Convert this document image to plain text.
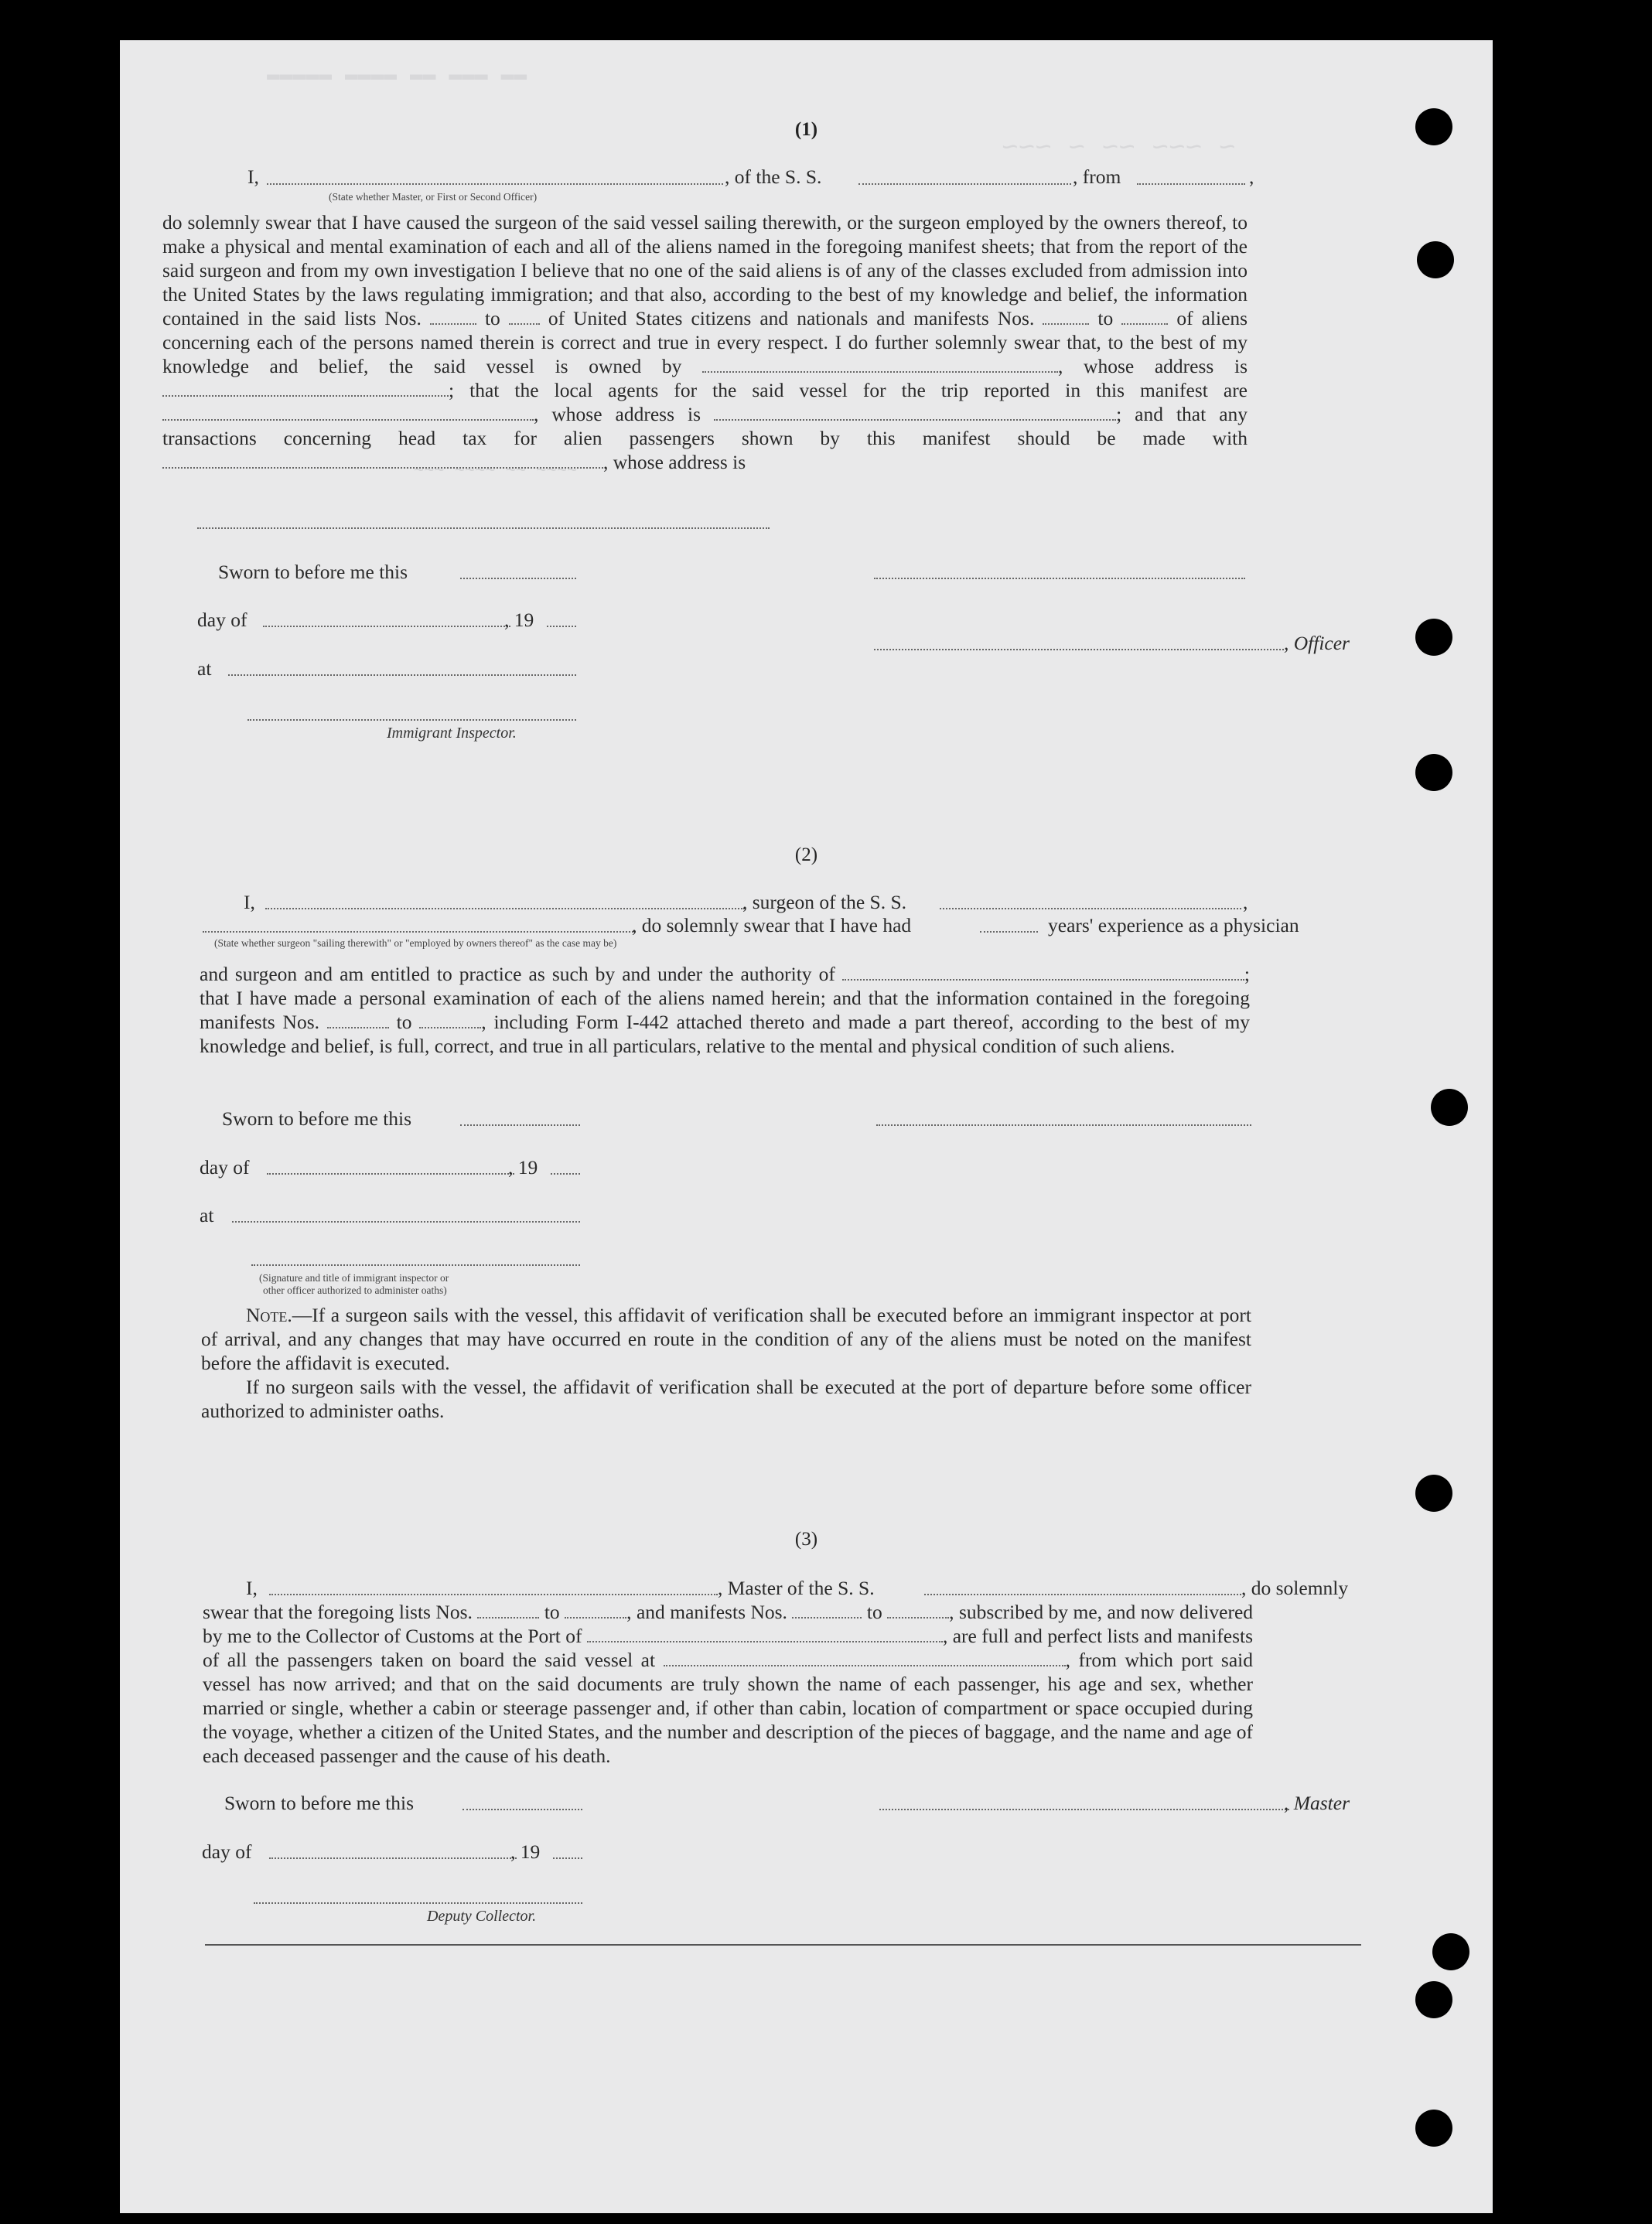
▬▬ ▬▬▬ ▬▬ ▬▬▬▬ ▬▬▬▬▬
~ ~~~ ~~ ~ ~~~
~~~ ~~~~ ~~ ~~~~
(1)
I,	, of the S. S.	, from	,
(State whether Master, or First or Second Officer)
do solemnly swear that I have caused the surgeon of the said vessel sailing therewith, or the surgeon employed by the owners thereof, to make a physical and mental examination of each and all of the aliens named in the foregoing manifest sheets; that from the report of the said surgeon and from my own investigation I believe that no one of the said aliens is of any of the classes excluded from admission into the United States by the laws regulating immigration; and that also, according to the best of my knowledge and belief, the information contained in the said lists Nos.	to of United States citizens and nationals and manifests Nos.	to	of aliens concerning each of the persons named therein is correct and true in every respect. I do further solemnly swear that, to the best of my knowledge and belief, the said vessel is owned by	, whose address is ; that the local agents for the said vessel for the trip reported in this manifest are , whose address is	; and that any transactions concerning head tax for alien passengers shown by this manifest should be made with , whose address is
Sworn to before me this
day of	, 19
, Officer
at
Immigrant Inspector.
(2)
I,	, surgeon of the S. S.	,
, do solemnly swear that I have had	years' experience as a physician
(State whether surgeon "sailing therewith" or "employed by owners thereof" as the case may be)
and surgeon and am entitled to practice as such by and under the authority of	; that I have made a personal examination of each of the aliens named herein; and that the information contained in the foregoing manifests Nos.	to	, including Form I-442 attached thereto and made a part thereof, according to the best of my knowledge and belief, is full, correct, and true in all particulars, relative to the mental and physical condition of such aliens.
Sworn to before me this
day of	, 19
at
(Signature and title of immigrant inspector or
other officer authorized to administer oaths)
Note.—If a surgeon sails with the vessel, this affidavit of verification shall be executed before an immigrant inspector at port of arrival, and any changes that may have occurred en route in the condition of any of the aliens must be noted on the manifest before the affidavit is executed.
If no surgeon sails with the vessel, the affidavit of verification shall be executed at the port of departure before some officer authorized to administer oaths.
(3)
I,	, Master of the S. S.	, do solemnly
swear that the foregoing lists Nos.	to	, and manifests Nos.	to	, subscribed by me, and now delivered by me to the Collector of Customs at the Port of	, are full and perfect lists and manifests of all the passengers taken on board the said vessel at	, from which port said vessel has now arrived; and that on the said documents are truly shown the name of each passenger, his age and sex, whether married or single, whether a cabin or steerage passenger and, if other than cabin, location of compartment or space occupied during the voyage, whether a citizen of the United States, and the number and description of the pieces of baggage, and the name and age of each deceased passenger and the cause of his death.
Sworn to before me this	, Master
day of	, 19
Deputy Collector.
